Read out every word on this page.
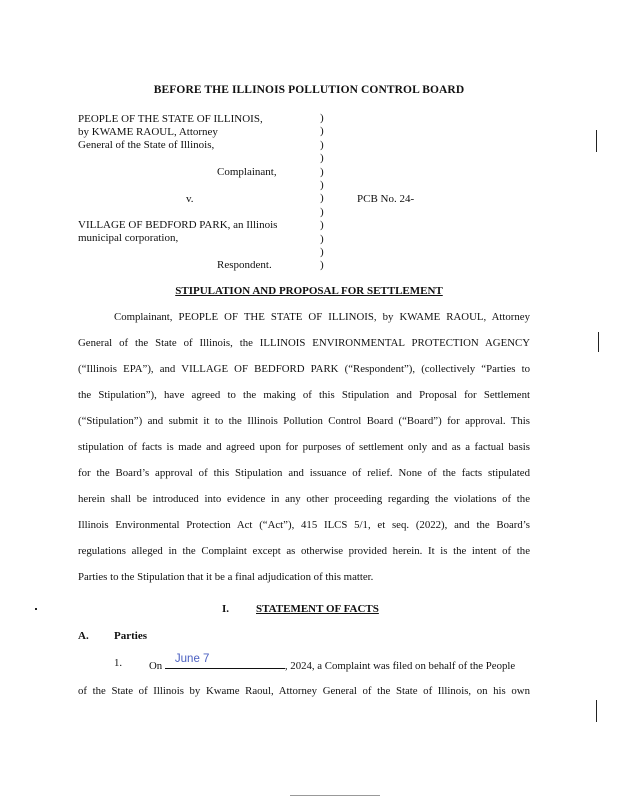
BEFORE THE ILLINOIS POLLUTION CONTROL BOARD
PEOPLE OF THE STATE OF ILLINOIS,
by KWAME RAOUL, Attorney
General of the State of Illinois,
Complainant,
v.	PCB No. 24-
VILLAGE OF BEDFORD PARK, an Illinois
municipal corporation,
Respondent.
)
)
)
)
)
)
)
)
)
)
)
)
STIPULATION AND PROPOSAL FOR SETTLEMENT
Complainant, PEOPLE OF THE STATE OF ILLINOIS, by KWAME RAOUL, Attorney
General of the State of Illinois, the ILLINOIS ENVIRONMENTAL PROTECTION AGENCY
(“Illinois EPA”), and VILLAGE OF BEDFORD PARK (“Respondent”), (collectively “Parties to
the Stipulation”), have agreed to the making of this Stipulation and Proposal for Settlement
(“Stipulation”) and submit it to the Illinois Pollution Control Board (“Board”) for approval. This
stipulation of facts is made and agreed upon for purposes of settlement only and as a factual basis
for the Board’s approval of this Stipulation and issuance of relief. None of the facts stipulated
herein shall be introduced into evidence in any other proceeding regarding the violations of the
Illinois Environmental Protection Act (“Act”), 415 ILCS 5/1, et seq. (2022), and the Board’s
regulations alleged in the Complaint except as otherwise provided herein. It is the intent of the
Parties to the Stipulation that it be a final adjudication of this matter.
I. STATEMENT OF FACTS
A. Parties
1. On
June 7
, 2024, a Complaint was filed on behalf of the People
of the State of Illinois by Kwame Raoul, Attorney General of the State of Illinois, on his own
